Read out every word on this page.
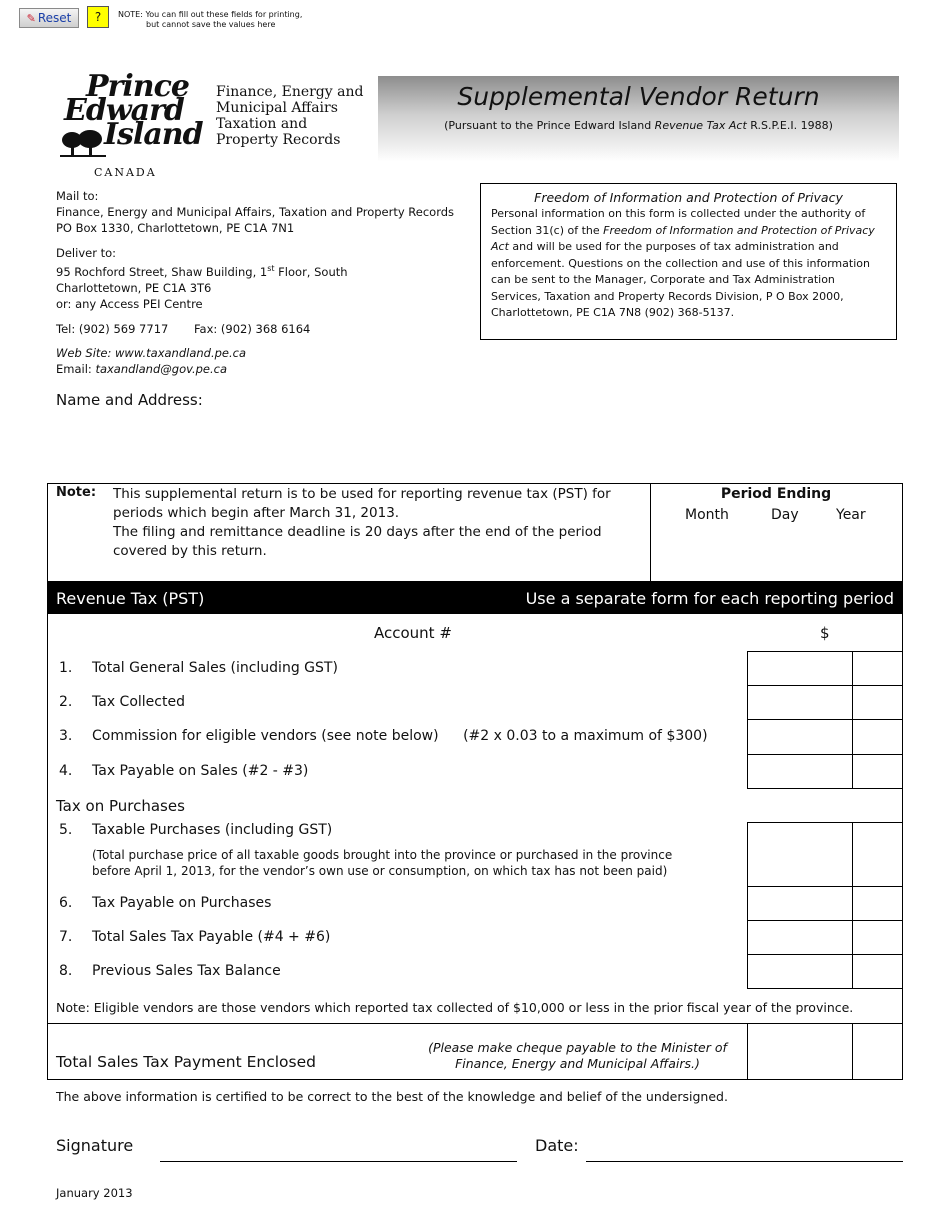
✎ Reset	?	NOTE: You can fill out these fields for printing,
but cannot save the values here
Prince
Edward
Island
CANADA
Finance, Energy and
Municipal Affairs
Taxation and
Property Records
Supplemental Vendor Return
(Pursuant to the Prince Edward Island Revenue Tax Act R.S.P.E.I. 1988)
Mail to:
Finance, Energy and Municipal Affairs, Taxation and Property Records
PO Box 1330, Charlottetown, PE C1A 7N1
Deliver to:
95 Rochford Street, Shaw Building, 1st Floor, South
Charlottetown, PE C1A 3T6
or: any Access PEI Centre
Tel: (902) 569 7717 Fax: (902) 368 6164
Web Site: www.taxandland.pe.ca
Email: taxandland@gov.pe.ca
Freedom of Information and Protection of Privacy
Personal information on this form is collected under the authority of Section 31(c) of the Freedom of Information and Protection of Privacy Act and will be used for the purposes of tax administration and enforcement. Questions on the collection and use of this information can be sent to the Manager, Corporate and Tax Administration Services, Taxation and Property Records Division, P O Box 2000, Charlottetown, PE C1A 7N8 (902) 368-5137.
Name and Address:
Note: This supplemental return is to be used for reporting revenue tax (PST) for periods which begin after March 31, 2013.
The filing and remittance deadline is 20 days after the end of the period covered by this return.
Period Ending
Month	Day	Year
Revenue Tax (PST)	Use a separate form for each reporting period
Account #	$
1. Total General Sales (including GST)
2. Tax Collected
3. Commission for eligible vendors (see note below) (#2 x 0.03 to a maximum of $300)
4. Tax Payable on Sales (#2 - #3)
Tax on Purchases
5. Taxable Purchases (including GST)
(Total purchase price of all taxable goods brought into the province or purchased in the province before April 1, 2013, for the vendor’s own use or consumption, on which tax has not been paid)
6. Tax Payable on Purchases
7. Total Sales Tax Payable (#4 + #6)
8. Previous Sales Tax Balance
Note: Eligible vendors are those vendors which reported tax collected of $10,000 or less in the prior fiscal year of the province.
Total Sales Tax Payment Enclosed
(Please make cheque payable to the Minister of Finance, Energy and Municipal Affairs.)
The above information is certified to be correct to the best of the knowledge and belief of the undersigned.
Signature	Date:
January 2013
